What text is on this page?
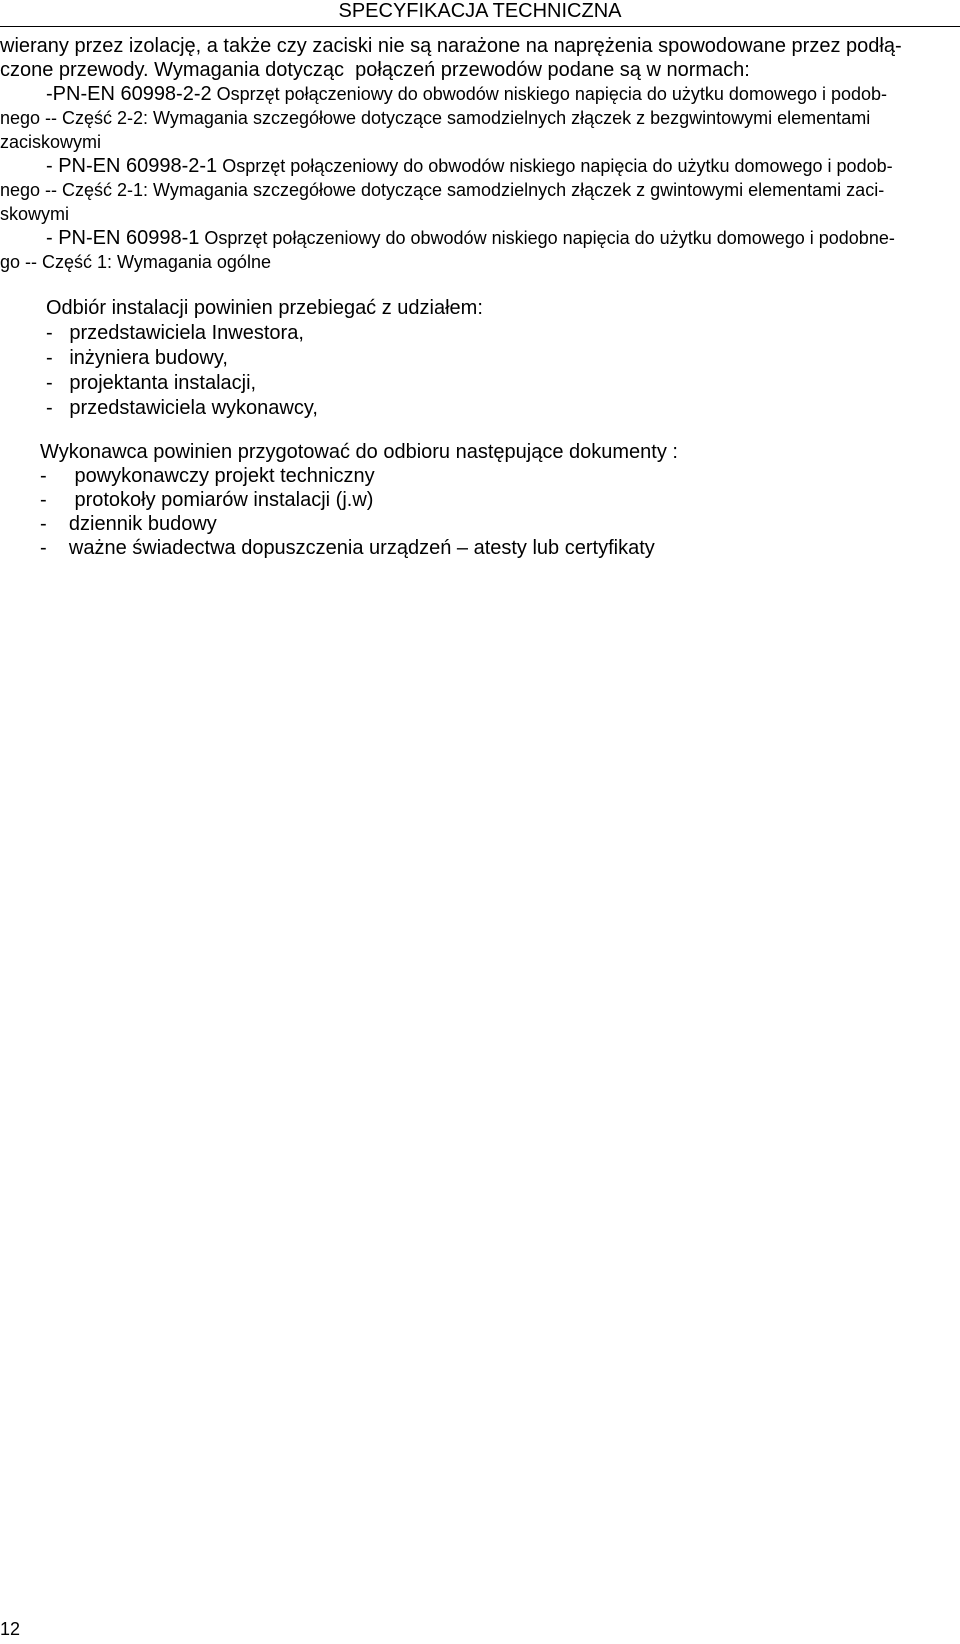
SPECYFIKACJA TECHNICZNA

wierany przez izolację, a także czy zaciski nie są narażone na naprężenia spowodowane przez podłą-

czone przewody. Wymagania dotycząc  połączeń przewodów podane są w normach:

-PN-EN 60998-2-2 Osprzęt połączeniowy do obwodów niskiego napięcia do użytku domowego i podob-

nego -- Część 2-2: Wymagania szczegółowe dotyczące samodzielnych złączek z bezgwintowymi elementami

zaciskowymi

- PN-EN 60998-2-1 Osprzęt połączeniowy do obwodów niskiego napięcia do użytku domowego i podob-

nego -- Część 2-1: Wymagania szczegółowe dotyczące samodzielnych złączek z gwintowymi elementami zaci-

skowymi

- PN-EN 60998-1 Osprzęt połączeniowy do obwodów niskiego napięcia do użytku domowego i podobne-

go -- Część 1: Wymagania ogólne

Odbiór instalacji powinien przebiegać z udziałem:

-   przedstawiciela Inwestora,

-   inżyniera budowy,

-   projektanta instalacji,

-   przedstawiciela wykonawcy,

Wykonawca powinien przygotować do odbioru następujące dokumenty :

-     powykonawczy projekt techniczny

-     protokoły pomiarów instalacji (j.w)

-    dziennik budowy

-    ważne świadectwa dopuszczenia urządzeń – atesty lub certyfikaty

12
